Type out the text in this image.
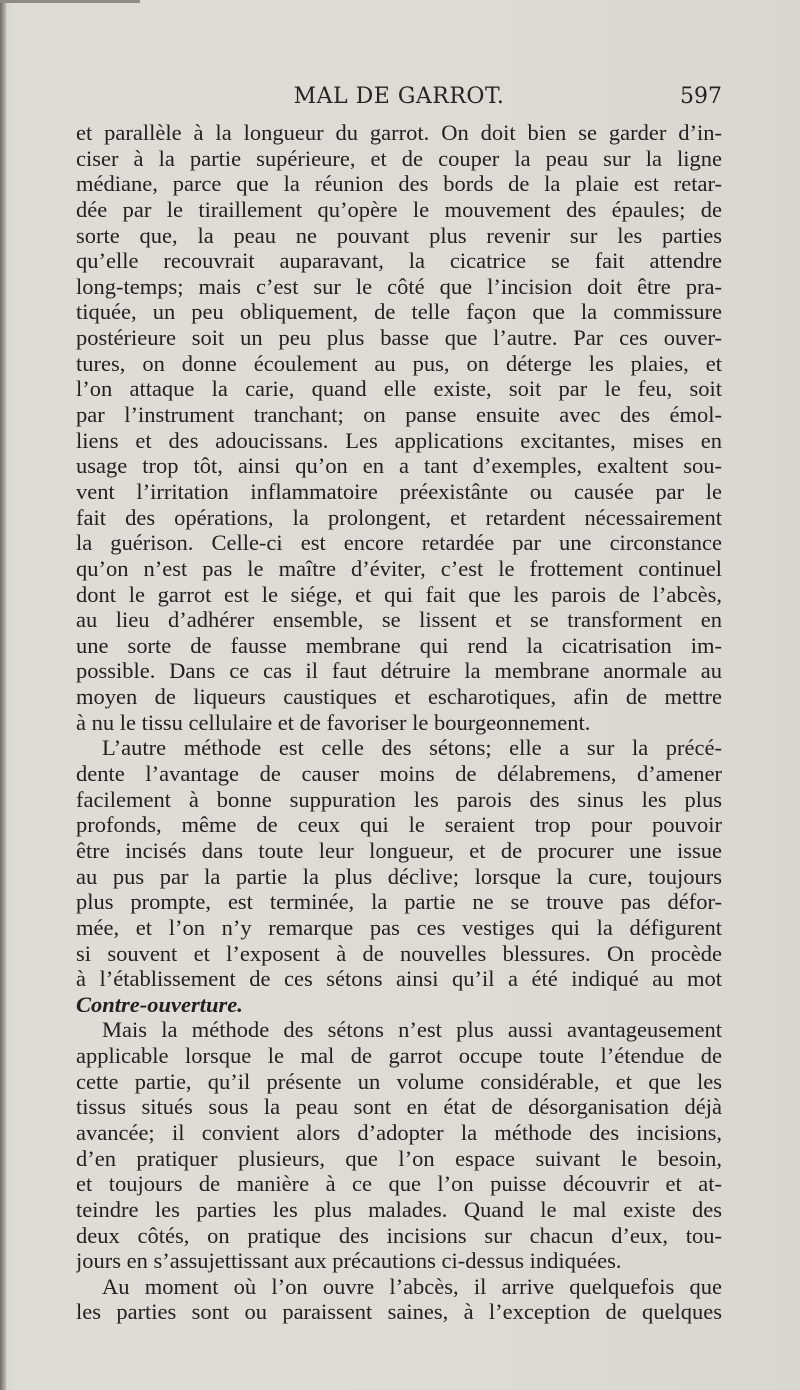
MAL DE GARROT.	597
et parallèle à la longueur du garrot. On doit bien se garder d’in-
ciser à la partie supérieure, et de couper la peau sur la ligne
médiane, parce que la réunion des bords de la plaie est retar-
dée par le tiraillement qu’opère le mouvement des épaules; de
sorte que, la peau ne pouvant plus revenir sur les parties
qu’elle recouvrait auparavant, la cicatrice se fait attendre
long-temps; mais c’est sur le côté que l’incision doit être pra-
tiquée, un peu obliquement, de telle façon que la commissure
postérieure soit un peu plus basse que l’autre. Par ces ouver-
tures, on donne écoulement au pus, on déterge les plaies, et
l’on attaque la carie, quand elle existe, soit par le feu, soit
par l’instrument tranchant; on panse ensuite avec des émol-
liens et des adoucissans. Les applications excitantes, mises en
usage trop tôt, ainsi qu’on en a tant d’exemples, exaltent sou-
vent l’irritation inflammatoire préexistânte ou causée par le
fait des opérations, la prolongent, et retardent nécessairement
la guérison. Celle-ci est encore retardée par une circonstance
qu’on n’est pas le maître d’éviter, c’est le frottement continuel
dont le garrot est le siége, et qui fait que les parois de l’abcès,
au lieu d’adhérer ensemble, se lissent et se transforment en
une sorte de fausse membrane qui rend la cicatrisation im-
possible. Dans ce cas il faut détruire la membrane anormale au
moyen de liqueurs caustiques et escharotiques, afin de mettre
à nu le tissu cellulaire et de favoriser le bourgeonnement.
L’autre méthode est celle des sétons; elle a sur la précé-
dente l’avantage de causer moins de délabremens, d’amener
facilement à bonne suppuration les parois des sinus les plus
profonds, même de ceux qui le seraient trop pour pouvoir
être incisés dans toute leur longueur, et de procurer une issue
au pus par la partie la plus déclive; lorsque la cure, toujours
plus prompte, est terminée, la partie ne se trouve pas défor-
mée, et l’on n’y remarque pas ces vestiges qui la défigurent
si souvent et l’exposent à de nouvelles blessures. On procède
à l’établissement de ces sétons ainsi qu’il a été indiqué au mot
Contre-ouverture.
Mais la méthode des sétons n’est plus aussi avantageusement
applicable lorsque le mal de garrot occupe toute l’étendue de
cette partie, qu’il présente un volume considérable, et que les
tissus situés sous la peau sont en état de désorganisation déjà
avancée; il convient alors d’adopter la méthode des incisions,
d’en pratiquer plusieurs, que l’on espace suivant le besoin,
et toujours de manière à ce que l’on puisse découvrir et at-
teindre les parties les plus malades. Quand le mal existe des
deux côtés, on pratique des incisions sur chacun d’eux, tou-
jours en s’assujettissant aux précautions ci-dessus indiquées.
Au moment où l’on ouvre l’abcès, il arrive quelquefois que
les parties sont ou paraissent saines, à l’exception de quelques
